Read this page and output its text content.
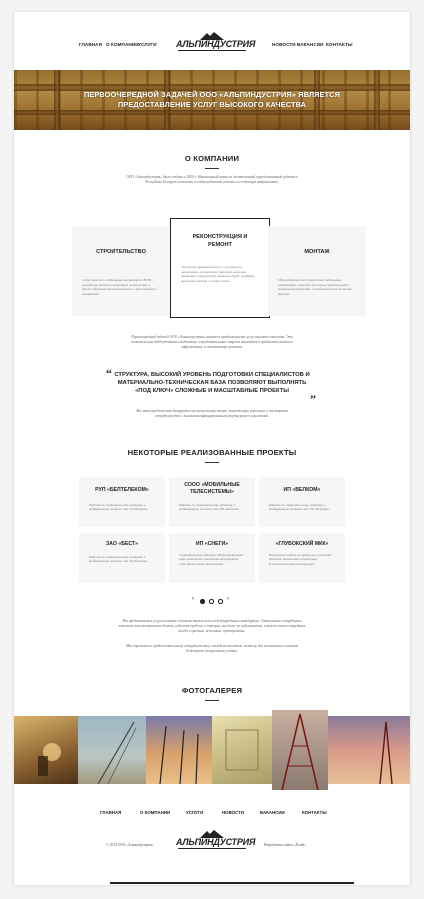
ГЛАВНАЯ О КОМПАНИИ УСЛУГИ	НОВОСТИ ВАКАНСИИ КОНТАКТЫ
АЛЬПИНДУСТРИЯ
ПЕРВООЧЕРЕДНОЙ ЗАДАЧЕЙ ООО «АЛЬПИНДУСТРИЯ» ЯВЛЯЕТСЯ ПРЕДОСТАВЛЕНИЕ УСЛУГ ВЫСОКОГО КАЧЕСТВА
О КОМПАНИИ
ООО «Альпиндустрия» было создано в 2000 г. Накопленный опыт за десятилетний период активной работы в Республике Беларусь позволяет сегодня работать успешно в следующих направлениях:
СТРОИТЕЛЬСТВО
Сети связи всех мобильных операторов, ВОЛС, возведение антенно-мачтовых сооружений и других объектов промышленного и гражданского назначения.
РЕКОНСТРУКЦИЯ И РЕМОНТ
Объектов промышленного и жилищного назначения, металлоконструкций, антенно-мачтовых сооружений, дымовых труб, градирен, высотных зданий и сооружений.
МОНТАЖ
Оборудования всех сетей связи мобильных операторов, монтаж различных конструкций и металлоконструкций, в особенности на большой высоте.
Первоочередной задачей ООО «Альпиндустрия» является предоставление услуг высокого качества. Это позволяет нам поддерживать ежедневные и требовательные запросы заказчиков и предлагать наиболее эффективные и оптимальные решения.
“ СТРУКТУРА, ВЫСОКИЙ УРОВЕНЬ ПОДГОТОВКИ СПЕЦИАЛИСТОВ И МАТЕРИАЛЬНО-ТЕХНИЧЕСКАЯ БАЗА ПОЗВОЛЯЮТ ВЫПОЛНЯТЬ «ПОД КЛЮЧ» СЛОЖНЫЕ И МАСШТАБНЫЕ ПРОЕКТЫ
”
Все наши предложения базируются на технологиях опыте, компетенции персонала и постоянном сотрудничестве с высококвалифицированными партнерами и клиентами.
НЕКОТОРЫЕ РЕАЛИЗОВАННЫЕ ПРОЕКТЫ
РУП «БЕЛТЕЛЕКОМ»
Работы по строительству, ремонту и модернизации на более чем 50 объектах.
СООО «МОБИЛЬНЫЕ ТЕЛЕСИСТЕМЫ»
Работы по строительству, ремонту и модернизации на более чем 200 объектах.
ИП «ВЕЛКОМ»
Работы по строительству, ремонту и модернизации на более чем 150 объектах.
ЗАО «БЕСТ»
Работы по строительству, ремонту и модернизации на более чем 20 объектах.
ИП «СНЕГИ»
Строительство объекта: Индустриальный парк, антенная и различная конструкция сети Белтелеком, Белтелеком.
«ГЛУБОКСКИЙ МКК»
Выполнение работ по монтажу и ремонту объекта: Котельная и различные вспомогательные конструкции.
‹	›
Мы предоставляем услуги которые соответствуют всем международным стандартам. Опыт наших сотрудников помогает нам своевременно делать, избегать проблем, и которые мы даже не задумывались, а также наши сотрудники всегда серьёзные, вежливые, пунктуальные.
Мы стремимся к продолжительному сотрудничеству с каждым клиентом, поэтому для постоянных клиентов действуют специальные условия.
ФОТОГАЛЕРЕЯ
ГЛАВНАЯ	О КОМПАНИИ	УСЛУГИ	НОВОСТИ	ВАКАНСИИ	КОНТАКТЫ
АЛЬПИНДУСТРИЯ
© 2014 ООО «Альпиндустрия»	Разработка сайта «Dendi»
